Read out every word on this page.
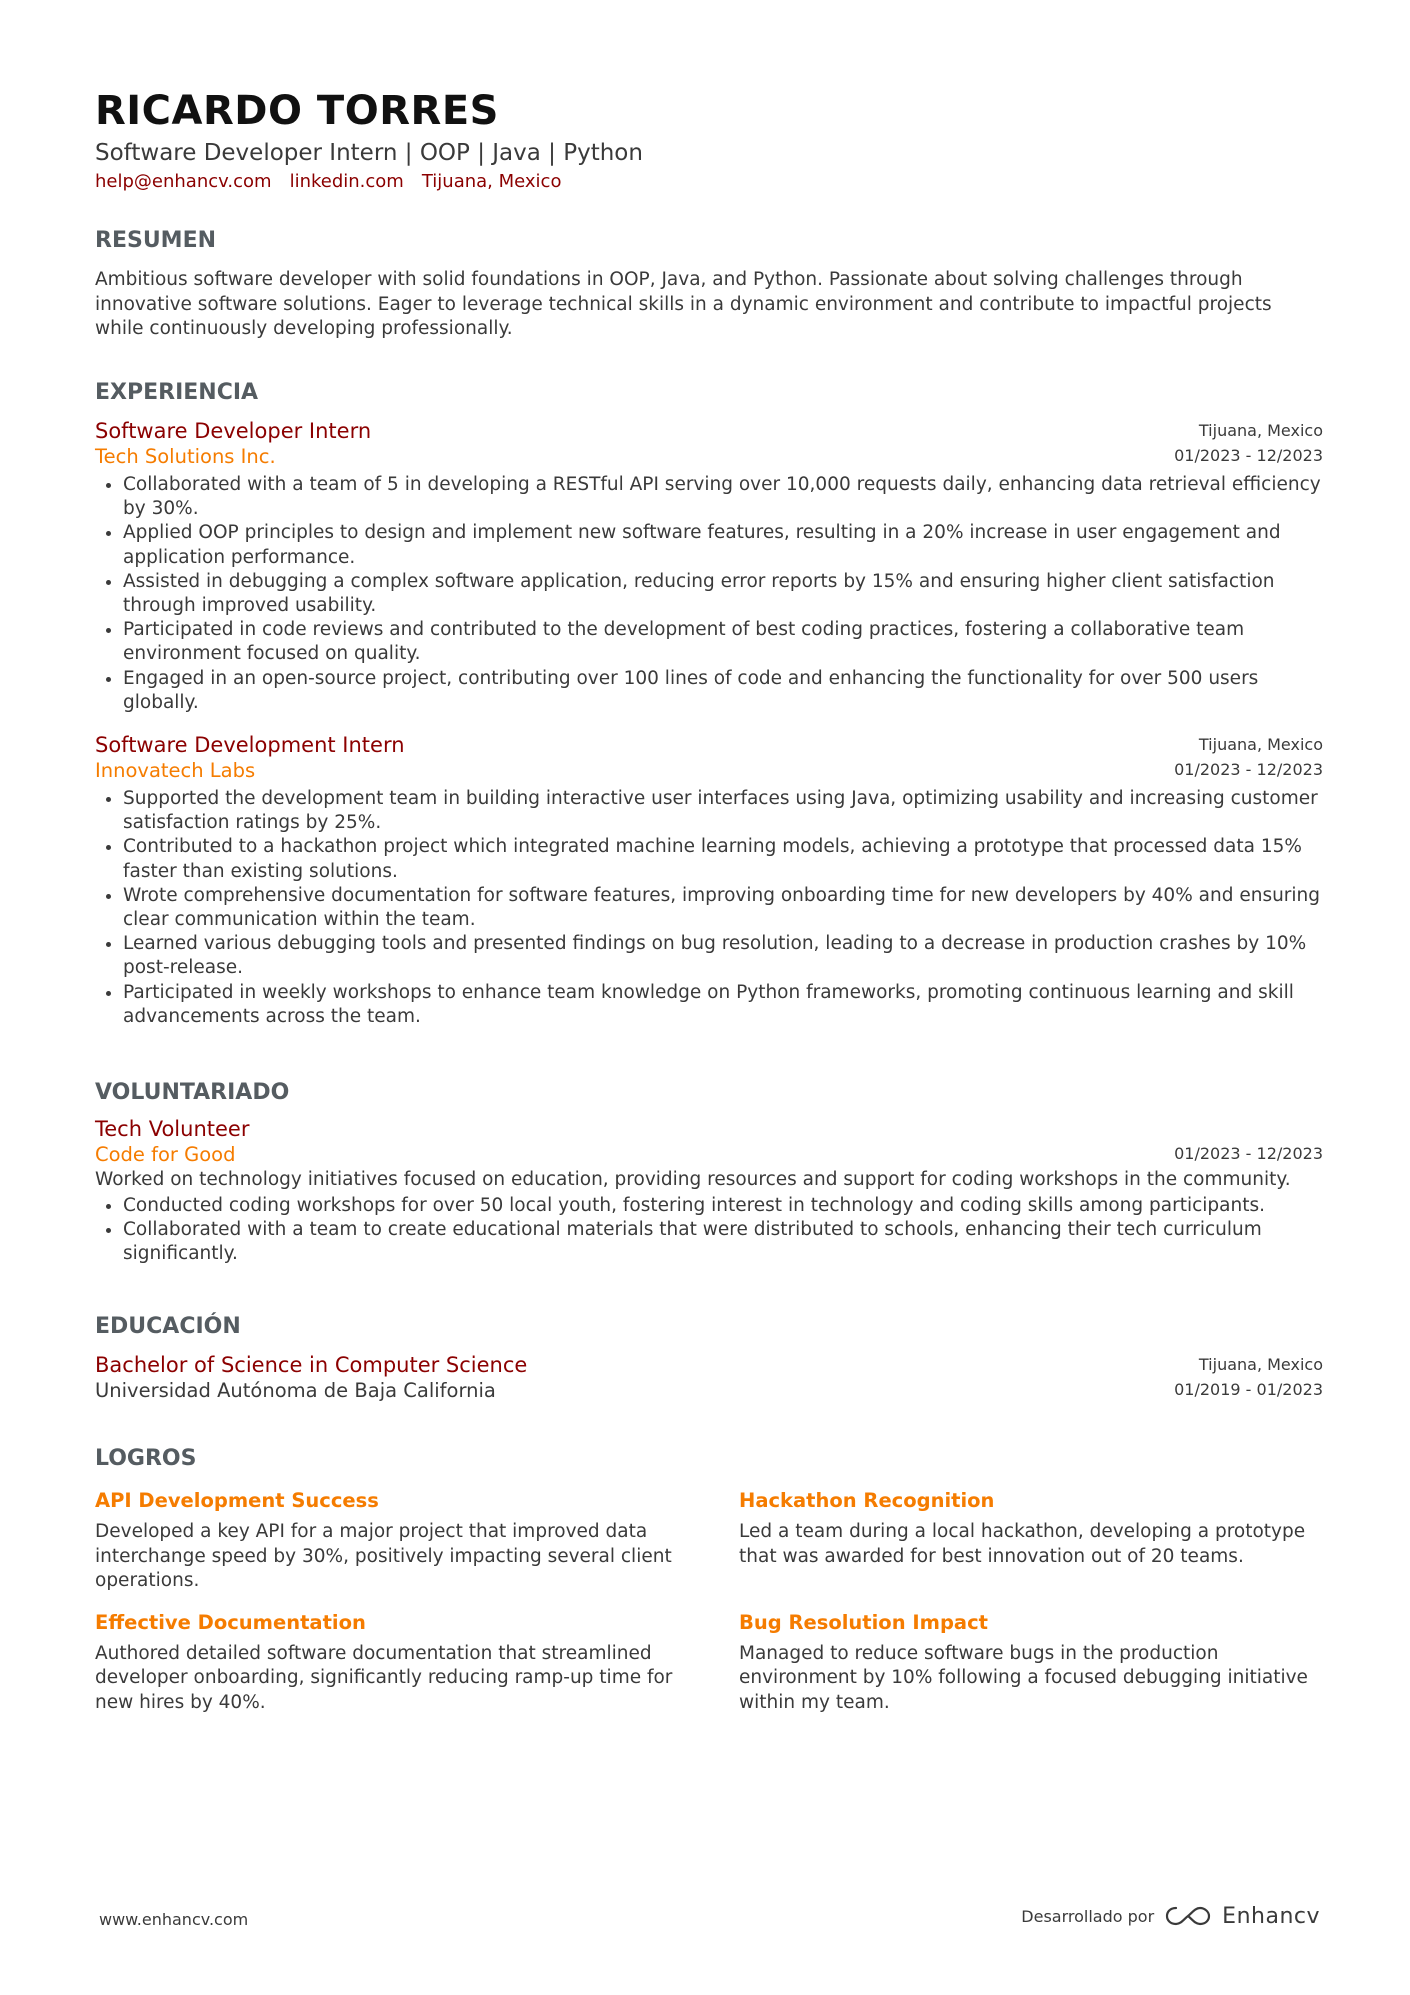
RICARDO TORRES
Software Developer Intern | OOP | Java | Python
help@enhancv.com linkedin.com Tijuana, Mexico
RESUMEN
Ambitious software developer with solid foundations in OOP, Java, and Python. Passionate about solving challenges through innovative software solutions. Eager to leverage technical skills in a dynamic environment and contribute to impactful projects while continuously developing professionally.
EXPERIENCIA
Software Developer Intern
Tech Solutions Inc.
Tijuana, Mexico
01/2023 - 12/2023
• Collaborated with a team of 5 in developing a RESTful API serving over 10,000 requests daily, enhancing data retrieval efficiency by 30%.
• Applied OOP principles to design and implement new software features, resulting in a 20% increase in user engagement and application performance.
• Assisted in debugging a complex software application, reducing error reports by 15% and ensuring higher client satisfaction through improved usability.
• Participated in code reviews and contributed to the development of best coding practices, fostering a collaborative team environment focused on quality.
• Engaged in an open-source project, contributing over 100 lines of code and enhancing the functionality for over 500 users globally.
Software Development Intern
Innovatech Labs
Tijuana, Mexico
01/2023 - 12/2023
• Supported the development team in building interactive user interfaces using Java, optimizing usability and increasing customer satisfaction ratings by 25%.
• Contributed to a hackathon project which integrated machine learning models, achieving a prototype that processed data 15% faster than existing solutions.
• Wrote comprehensive documentation for software features, improving onboarding time for new developers by 40% and ensuring clear communication within the team.
• Learned various debugging tools and presented findings on bug resolution, leading to a decrease in production crashes by 10% post-release.
• Participated in weekly workshops to enhance team knowledge on Python frameworks, promoting continuous learning and skill advancements across the team.
VOLUNTARIADO
Tech Volunteer
Code for Good	01/2023 - 12/2023
Worked on technology initiatives focused on education, providing resources and support for coding workshops in the community.
• Conducted coding workshops for over 50 local youth, fostering interest in technology and coding skills among participants.
• Collaborated with a team to create educational materials that were distributed to schools, enhancing their tech curriculum significantly.
EDUCACIÓN
Bachelor of Science in Computer Science
Universidad Autónoma de Baja California
Tijuana, Mexico
01/2019 - 01/2023
LOGROS
API Development Success
Developed a key API for a major project that improved data interchange speed by 30%, positively impacting several client operations.
Hackathon Recognition
Led a team during a local hackathon, developing a prototype that was awarded for best innovation out of 20 teams.
Effective Documentation
Authored detailed software documentation that streamlined developer onboarding, significantly reducing ramp-up time for new hires by 40%.
Bug Resolution Impact
Managed to reduce software bugs in the production environment by 10% following a focused debugging initiative within my team.
www.enhancv.com	Desarrollado por	Enhancv
